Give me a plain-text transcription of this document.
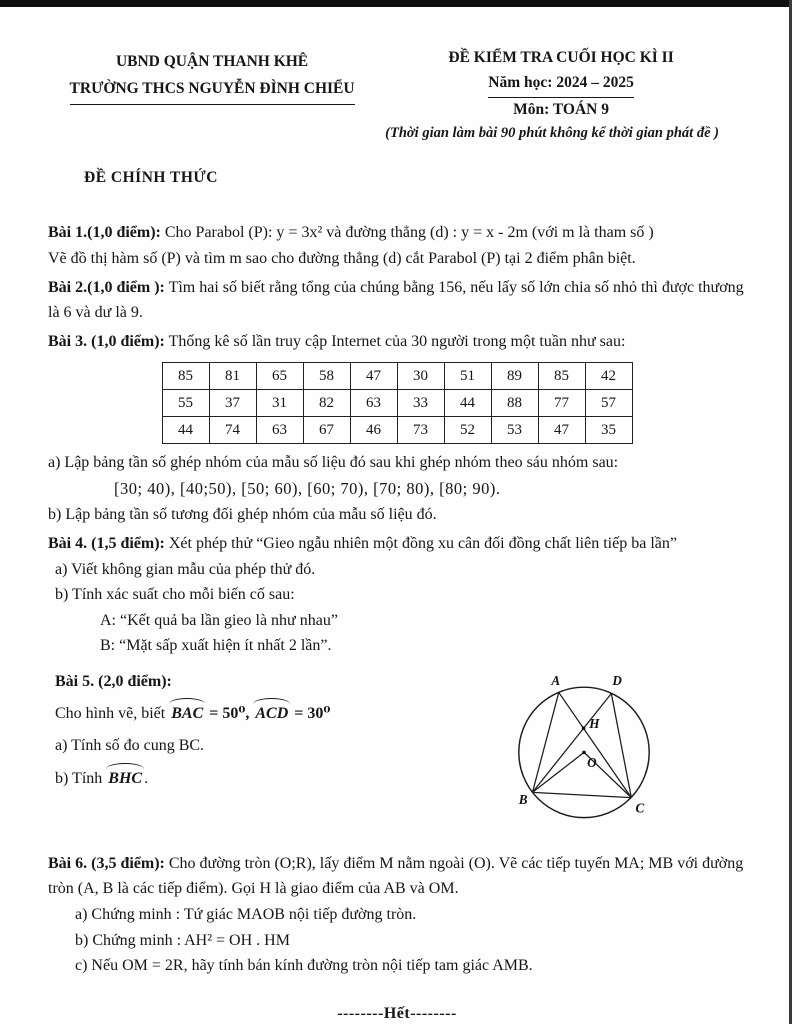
UBND QUẬN THANH KHÊ
TRƯỜNG THCS NGUYỄN ĐÌNH CHIỂU
ĐỀ KIỂM TRA CUỐI HỌC KÌ II
Năm học: 2024 – 2025
Môn: TOÁN 9
(Thời gian làm bài 90 phút không kể thời gian phát đề )
ĐỀ CHÍNH THỨC

Bài 1.(1,0 điểm): Cho Parabol (P): y = 3x² và đường thẳng (d) : y = x - 2m (với m là tham số )

Vẽ đồ thị hàm số (P) và tìm m sao cho đường thẳng (d) cắt Parabol (P) tại 2 điểm phân biệt.

Bài 2.(1,0 điểm ): Tìm hai số biết rằng tổng của chúng bằng 156, nếu lấy số lớn chia số nhỏ thì được thương là 6 và dư là 9.

Bài 3. (1,0 điểm): Thống kê số lần truy cập Internet của 30 người trong một tuần như sau:

85	81	65	58	47	30	51	89	85	42
55	37	31	82	63	33	44	88	77	57
44	74	63	67	46	73	52	53	47	35

a) Lập bảng tần số ghép nhóm của mẫu số liệu đó sau khi ghép nhóm theo sáu nhóm sau:

[30; 40), [40;50), [50; 60), [60; 70), [70; 80), [80; 90).

b) Lập bảng tần số tương đối ghép nhóm của mẫu số liệu đó.

Bài 4. (1,5 điểm): Xét phép thử “Gieo ngẫu nhiên một đồng xu cân đối đồng chất liên tiếp ba lần”

a) Viết không gian mẫu của phép thử đó.

b) Tính xác suất cho mỗi biến cố sau:

A: “Kết quả ba lần gieo là như nhau”

B: “Mặt sấp xuất hiện ít nhất 2 lần”.

Bài 5. (2,0 điểm):

Cho hình vẽ, biết BAC = 50⁰, ACD = 30⁰

a) Tính số đo cung BC.

b) Tính BHC .

A	D
H
O
B
C

Bài 6. (3,5 điểm): Cho đường tròn (O;R), lấy điểm M nằm ngoài (O). Vẽ các tiếp tuyến MA; MB với đường tròn (A, B là các tiếp điểm). Gọi H là giao điểm của AB và OM.

a) Chứng minh : Tứ giác MAOB nội tiếp đường tròn.

b) Chứng minh : AH² = OH . HM

c) Nếu OM = 2R, hãy tính bán kính đường tròn nội tiếp tam giác AMB.

--------Hết--------
